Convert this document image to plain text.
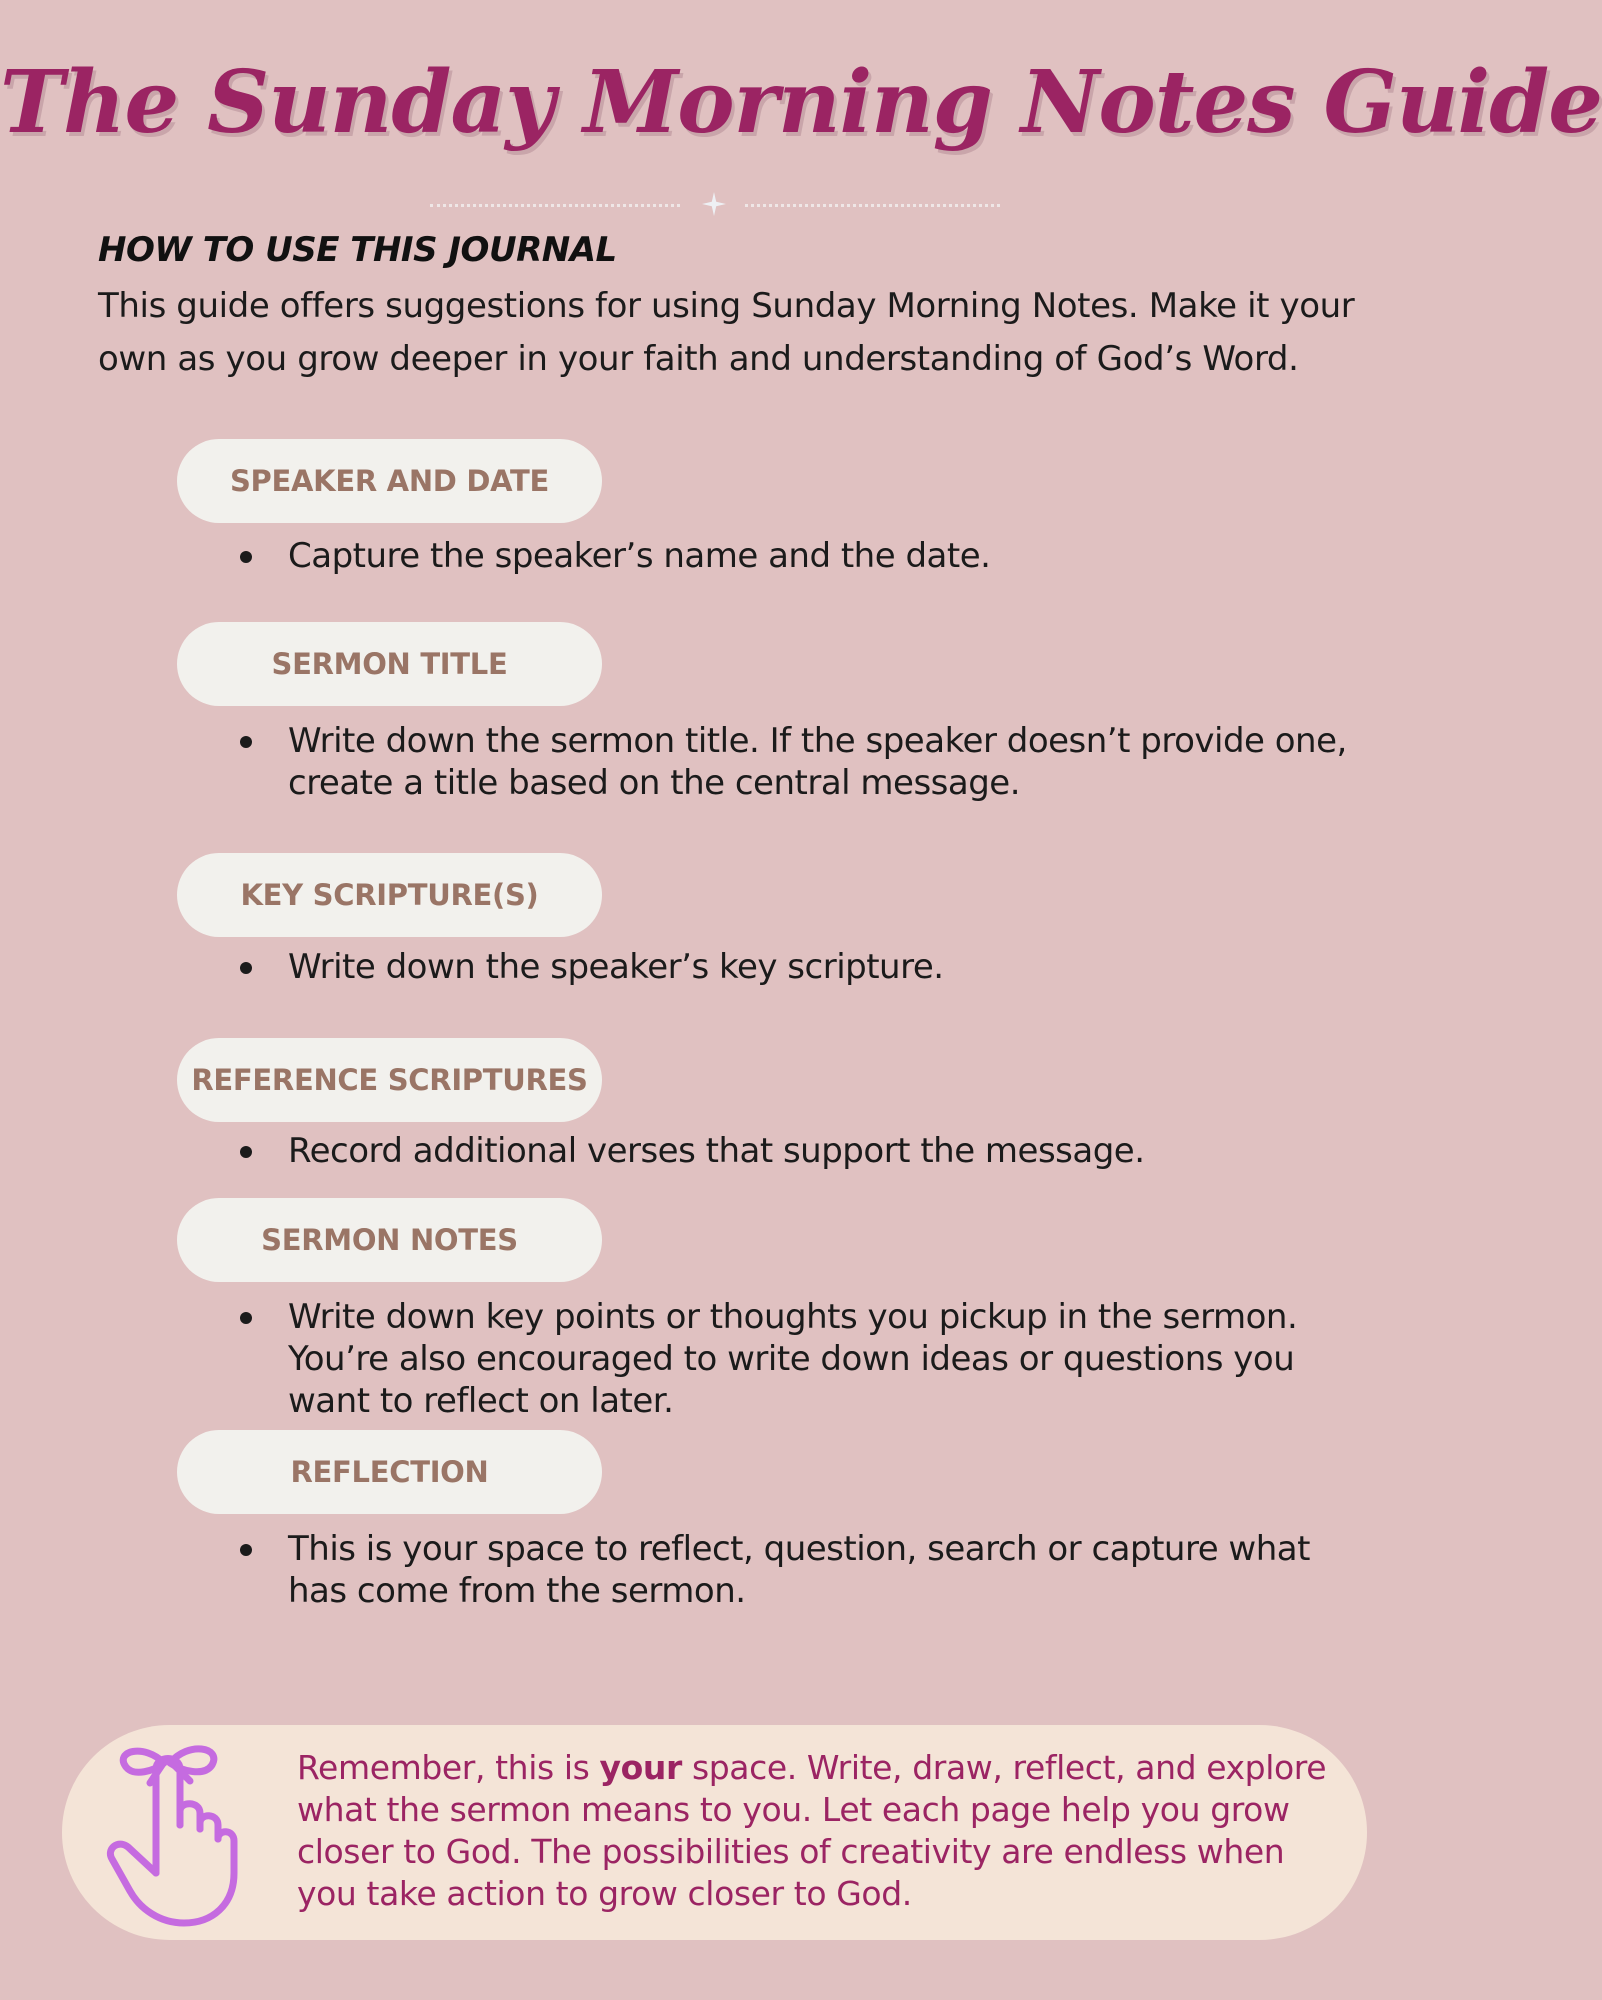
The Sunday Morning Notes Guide
HOW TO USE THIS JOURNAL
This guide offers suggestions for using Sunday Morning Notes. Make it your own as you grow deeper in your faith and understanding of God’s Word.
SPEAKER AND DATE
Capture the speaker’s name and the date.
SERMON TITLE
Write down the sermon title. If the speaker doesn’t provide one, create a title based on the central message.
KEY SCRIPTURE(S)
Write down the speaker’s key scripture.
REFERENCE SCRIPTURES
Record additional verses that support the message.
SERMON NOTES
Write down key points or thoughts you pickup in the sermon. You’re also encouraged to write down ideas or questions you want to reflect on later.
REFLECTION
This is your space to reflect, question, search or capture what has come from the sermon.
Remember, this is your space. Write, draw, reflect, and explore what the sermon means to you. Let each page help you grow closer to God. The possibilities of creativity are endless when you take action to grow closer to God.
